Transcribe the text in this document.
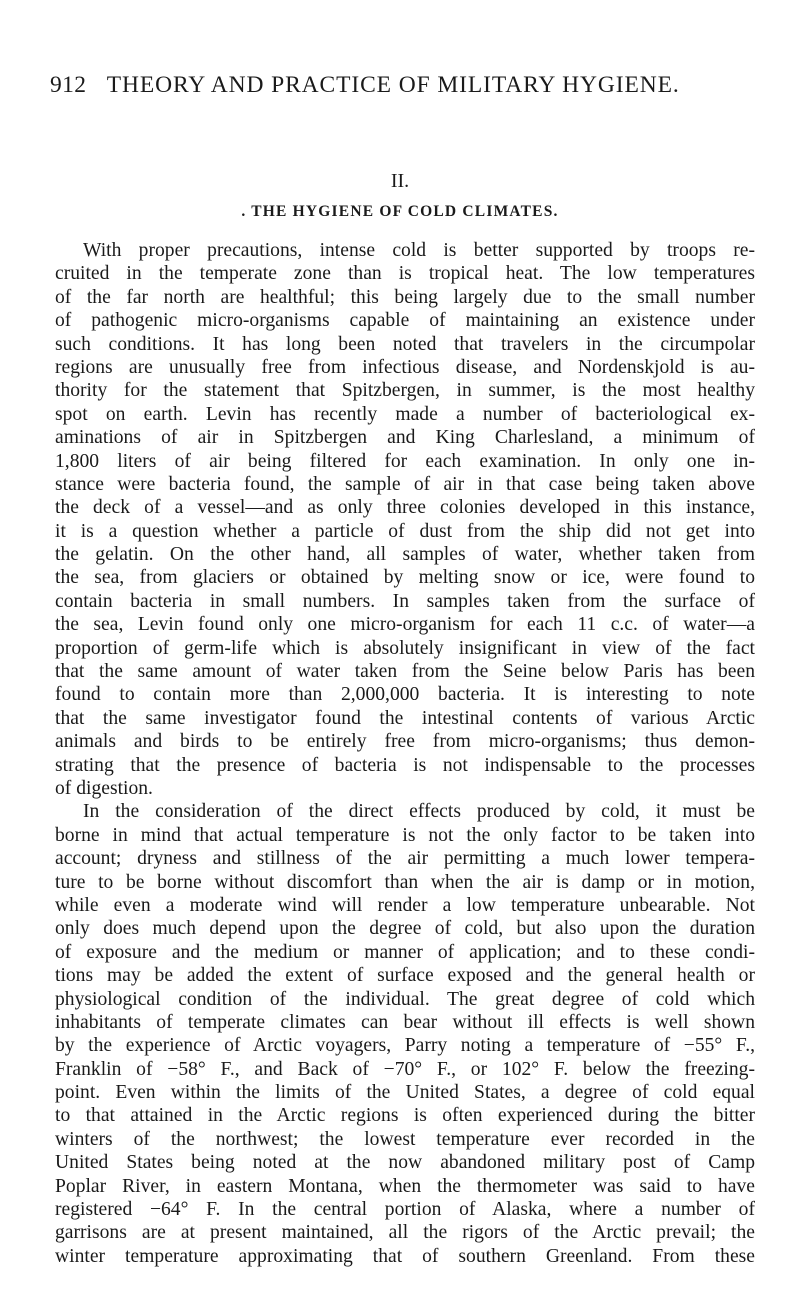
912 THEORY AND PRACTICE OF MILITARY HYGIENE.
II.
. THE HYGIENE OF COLD CLIMATES.
With proper precautions, intense cold is better supported by troops re-
cruited in the temperate zone than is tropical heat. The low temperatures
of the far north are healthful; this being largely due to the small number
of pathogenic micro-organisms capable of maintaining an existence under
such conditions. It has long been noted that travelers in the circumpolar
regions are unusually free from infectious disease, and Nordenskjold is au-
thority for the statement that Spitzbergen, in summer, is the most healthy
spot on earth. Levin has recently made a number of bacteriological ex-
aminations of air in Spitzbergen and King Charlesland, a minimum of
1,800 liters of air being filtered for each examination. In only one in-
stance were bacteria found, the sample of air in that case being taken above
the deck of a vessel—and as only three colonies developed in this instance,
it is a question whether a particle of dust from the ship did not get into
the gelatin. On the other hand, all samples of water, whether taken from
the sea, from glaciers or obtained by melting snow or ice, were found to
contain bacteria in small numbers. In samples taken from the surface of
the sea, Levin found only one micro-organism for each 11 c.c. of water—a
proportion of germ-life which is absolutely insignificant in view of the fact
that the same amount of water taken from the Seine below Paris has been
found to contain more than 2,000,000 bacteria. It is interesting to note
that the same investigator found the intestinal contents of various Arctic
animals and birds to be entirely free from micro-organisms; thus demon-
strating that the presence of bacteria is not indispensable to the processes
of digestion.
In the consideration of the direct effects produced by cold, it must be
borne in mind that actual temperature is not the only factor to be taken into
account; dryness and stillness of the air permitting a much lower tempera-
ture to be borne without discomfort than when the air is damp or in motion,
while even a moderate wind will render a low temperature unbearable. Not
only does much depend upon the degree of cold, but also upon the duration
of exposure and the medium or manner of application; and to these condi-
tions may be added the extent of surface exposed and the general health or
physiological condition of the individual. The great degree of cold which
inhabitants of temperate climates can bear without ill effects is well shown
by the experience of Arctic voyagers, Parry noting a temperature of −55° F.,
Franklin of −58° F., and Back of −70° F., or 102° F. below the freezing-
point. Even within the limits of the United States, a degree of cold equal
to that attained in the Arctic regions is often experienced during the bitter
winters of the northwest; the lowest temperature ever recorded in the
United States being noted at the now abandoned military post of Camp
Poplar River, in eastern Montana, when the thermometer was said to have
registered −64° F. In the central portion of Alaska, where a number of
garrisons are at present maintained, all the rigors of the Arctic prevail; the
winter temperature approximating that of southern Greenland. From these
